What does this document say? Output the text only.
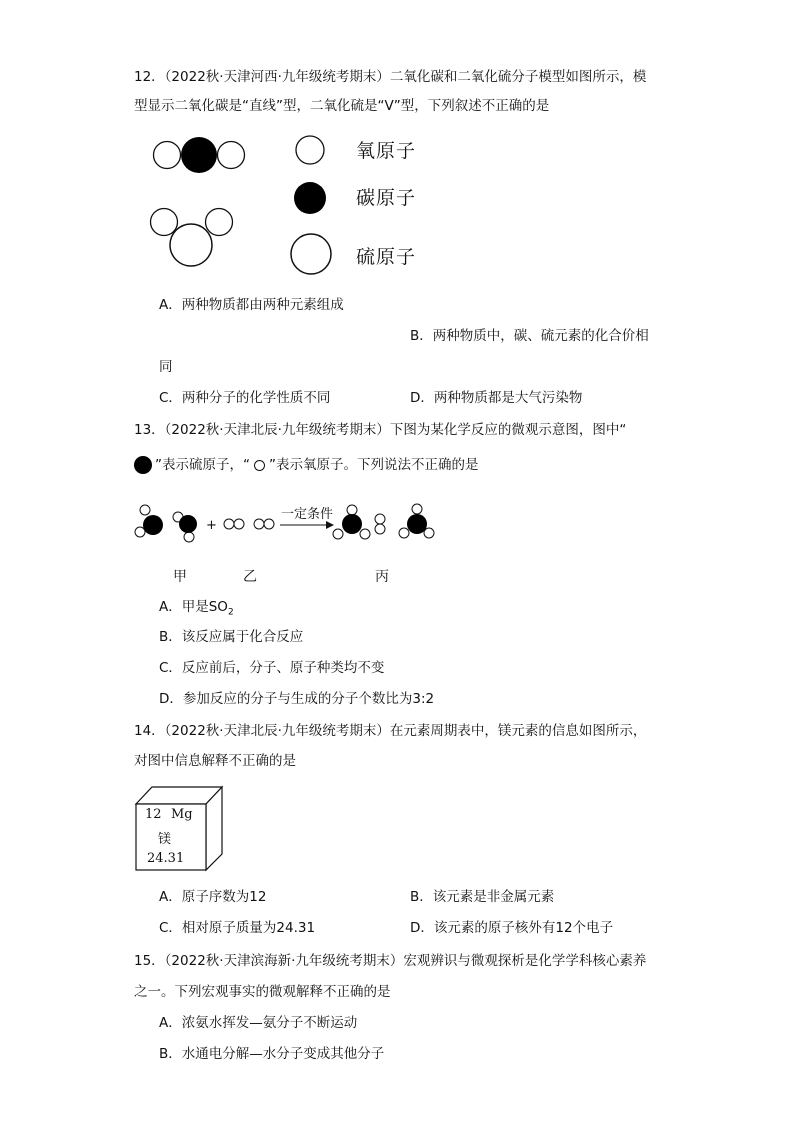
12．（2022秋·天津河西·九年级统考期末）二氧化碳和二氧化硫分子模型如图所示，模
型显示二氧化碳是“直线”型，二氧化硫是“V”型，下列叙述不正确的是
氧原子
碳原子
硫原子
A．两种物质都由两种元素组成
B．两种物质中，碳、硫元素的化合价相
同
C．两种分子的化学性质不同	D．两种物质都是大气污染物
13．（2022秋·天津北辰·九年级统考期末）下图为某化学反应的微观示意图，图中“
”表示硫原子，“ ”表示氧原子。下列说法不正确的是
+
一定条件
甲	乙	丙
A．甲是$SO_2$
B．该反应属于化合反应
C．反应前后，分子、原子种类均不变
D．参加反应的分子与生成的分子个数比为3:2
14．（2022秋·天津北辰·九年级统考期末）在元素周期表中，镁元素的信息如图所示，
对图中信息解释不正确的是
12 Mg
镁
24.31
A．原子序数为12	B．该元素是非金属元素
C．相对原子质量为24.31	D．该元素的原子核外有12个电子
15．（2022秋·天津滨海新·九年级统考期末）宏观辨识与微观探析是化学学科核心素养
之一。下列宏观事实的微观解释不正确的是
A．浓氨水挥发—氨分子不断运动
B．水通电分解—水分子变成其他分子
